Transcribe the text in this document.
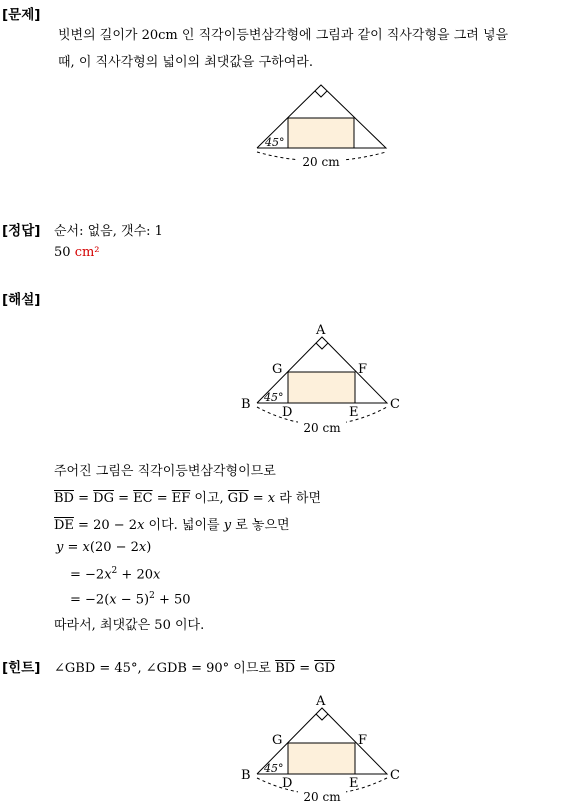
[문제]
빗변의 길이가 20cm 인 직각이등변삼각형에 그림과 같이 직사각형을 그려 넣을
때, 이 직사각형의 넓이의 최댓값을 구하여라.
45°
20 cm
[정답] 순서: 없음, 갯수: 1
50 cm²
[해설]
A
B	C
D	E
F
G
45°
20 cm
주어진 그림은 직각이등변삼각형이므로
$\overline{BD} = \overline{DG} = \overline{EC} = \overline{EF}$ 이고, $\overline{GD} = x$ 라 하면
$\overline{DE} = 20 - 2x$ 이다. 넓이를 y 로 놓으면
y = x(20 − 2x)
= $-2x^2 + 20x$
= $-2(x - 5)^2 + 50$
따라서, 최댓값은 50 이다.
[힌트] ∠GBD = 45°, ∠GDB = 90° 이므로 $\overline{BD} = \overline{GD}$
A
B	C
D	E
F
G
45°
20 cm
